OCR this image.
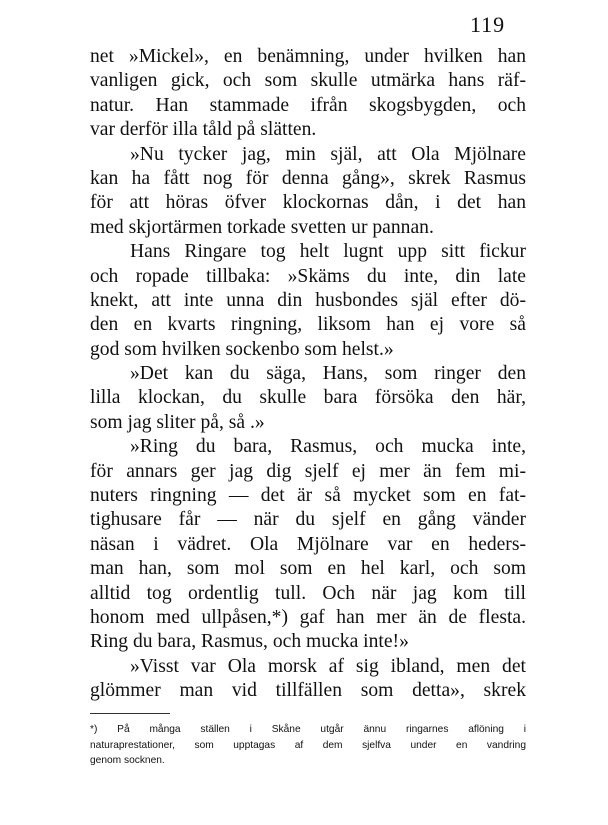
119
net »Mickel», en benämning, under hvilken han
vanligen gick, och som skulle utmärka hans räf-
natur. Han stammade ifrån skogsbygden, och
var derför illa tåld på slätten.
»Nu tycker jag, min själ, att Ola Mjölnare
kan ha fått nog för denna gång», skrek Rasmus
för att höras öfver klockornas dån, i det han
med skjortärmen torkade svetten ur pannan.
Hans Ringare tog helt lugnt upp sitt fickur
och ropade tillbaka: »Skäms du inte, din late
knekt, att inte unna din husbondes själ efter dö-
den en kvarts ringning, liksom han ej vore så
god som hvilken sockenbo som helst.»
»Det kan du säga, Hans, som ringer den
lilla klockan, du skulle bara försöka den här,
som jag sliter på, så .»
»Ring du bara, Rasmus, och mucka inte,
för annars ger jag dig sjelf ej mer än fem mi-
nuters ringning — det är så mycket som en fat-
tighusare får — när du sjelf en gång vänder
näsan i vädret. Ola Mjölnare var en heders-
man han, som mol som en hel karl, och som
alltid tog ordentlig tull. Och när jag kom till
honom med ullpåsen,*) gaf han mer än de flesta.
Ring du bara, Rasmus, och mucka inte!»
»Visst var Ola morsk af sig ibland, men det
glömmer man vid tillfällen som detta», skrek
*) På många ställen i Skåne utgår ännu ringarnes aflöning i
naturaprestationer, som upptagas af dem sjelfva under en vandring
genom socknen.
